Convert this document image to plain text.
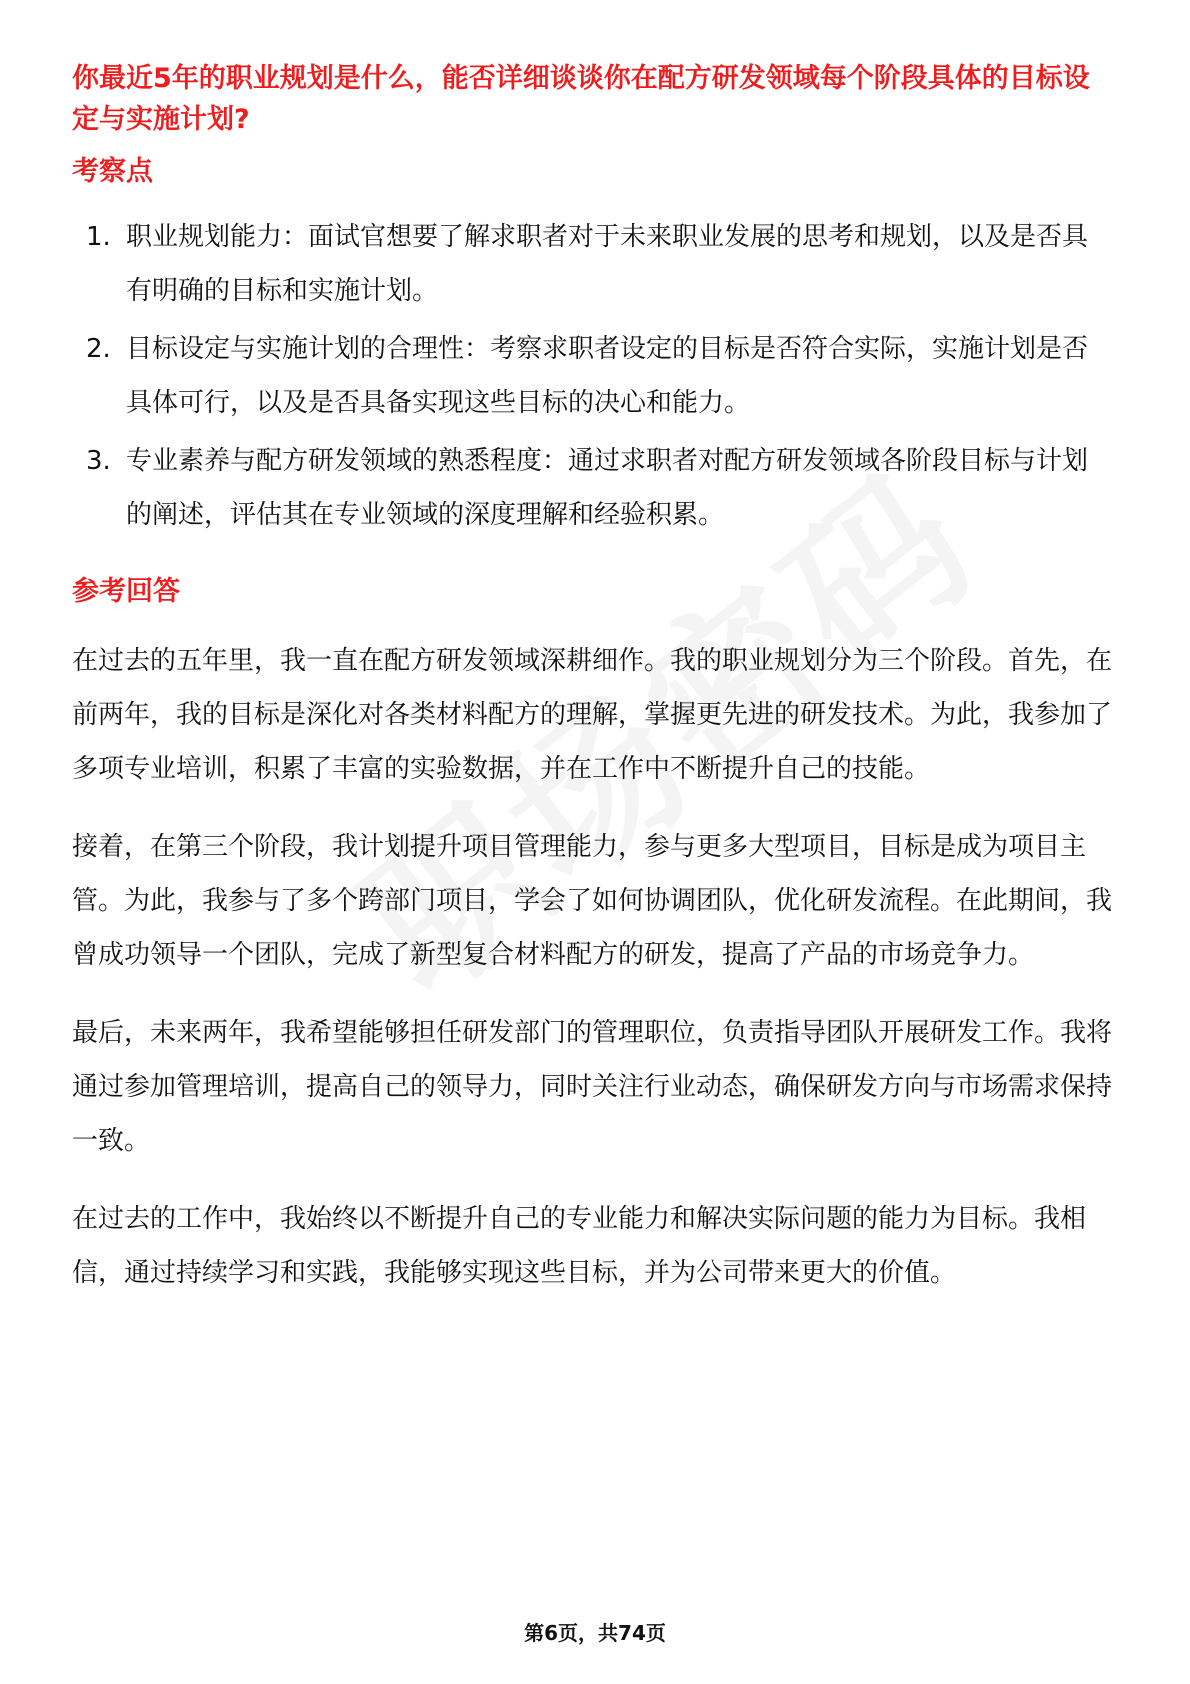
你最近5年的职业规划是什么，能否详细谈谈你在配方研发领域每个阶段具体的目标设定与实施计划?
考察点
1. 职业规划能力：面试官想要了解求职者对于未来职业发展的思考和规划，以及是否具有明确的目标和实施计划。
2. 目标设定与实施计划的合理性：考察求职者设定的目标是否符合实际，实施计划是否具体可行，以及是否具备实现这些目标的决心和能力。
3. 专业素养与配方研发领域的熟悉程度：通过求职者对配方研发领域各阶段目标与计划的阐述，评估其在专业领域的深度理解和经验积累。
参考回答

在过去的五年里，我一直在配方研发领域深耕细作。我的职业规划分为三个阶段。首先，在前两年，我的目标是深化对各类材料配方的理解，掌握更先进的研发技术。为此，我参加了多项专业培训，积累了丰富的实验数据，并在工作中不断提升自己的技能。

接着，在第三个阶段，我计划提升项目管理能力，参与更多大型项目，目标是成为项目主管。为此，我参与了多个跨部门项目，学会了如何协调团队，优化研发流程。在此期间，我曾成功领导一个团队，完成了新型复合材料配方的研发，提高了产品的市场竞争力。

最后，未来两年，我希望能够担任研发部门的管理职位，负责指导团队开展研发工作。我将通过参加管理培训，提高自己的领导力，同时关注行业动态，确保研发方向与市场需求保持一致。

在过去的工作中，我始终以不断提升自己的专业能力和解决实际问题的能力为目标。我相信，通过持续学习和实践，我能够实现这些目标，并为公司带来更大的价值。

第6页，共74页
